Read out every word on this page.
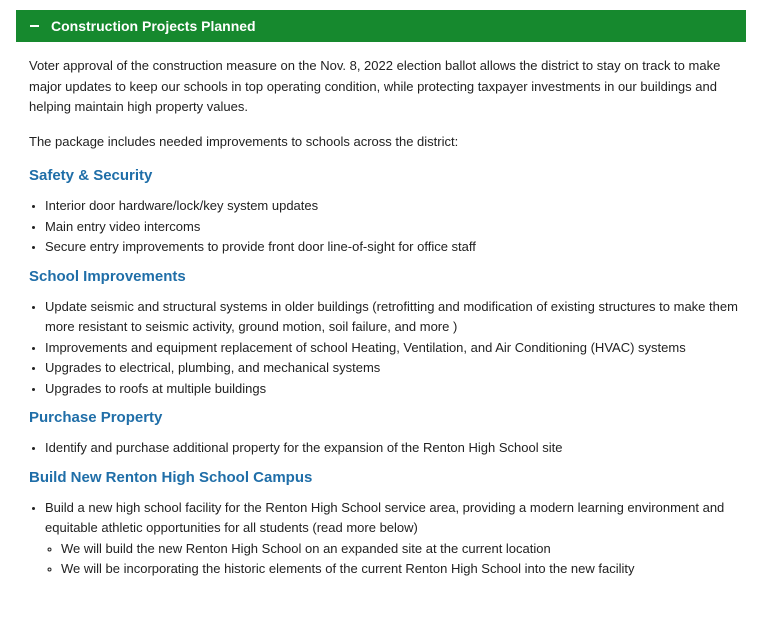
Construction Projects Planned

Voter approval of the construction measure on the Nov. 8, 2022 election ballot allows the district to stay on track to make major updates to keep our schools in top operating condition, while protecting taxpayer investments in our buildings and helping maintain high property values.

The package includes needed improvements to schools across the district:

Safety & Security
• Interior door hardware/lock/key system updates
• Main entry video intercoms
• Secure entry improvements to provide front door line-of-sight for office staff
School Improvements
• Update seismic and structural systems in older buildings (retrofitting and modification of existing structures to make them more resistant to seismic activity, ground motion, soil failure, and more )
• Improvements and equipment replacement of school Heating, Ventilation, and Air Conditioning (HVAC) systems
• Upgrades to electrical, plumbing, and mechanical systems
• Upgrades to roofs at multiple buildings
Purchase Property
• Identify and purchase additional property for the expansion of the Renton High School site
Build New Renton High School Campus
• Build a new high school facility for the Renton High School service area, providing a modern learning environment and equitable athletic opportunities for all students (read more below)
◦ We will build the new Renton High School on an expanded site at the current location
◦ We will be incorporating the historic elements of the current Renton High School into the new facility
